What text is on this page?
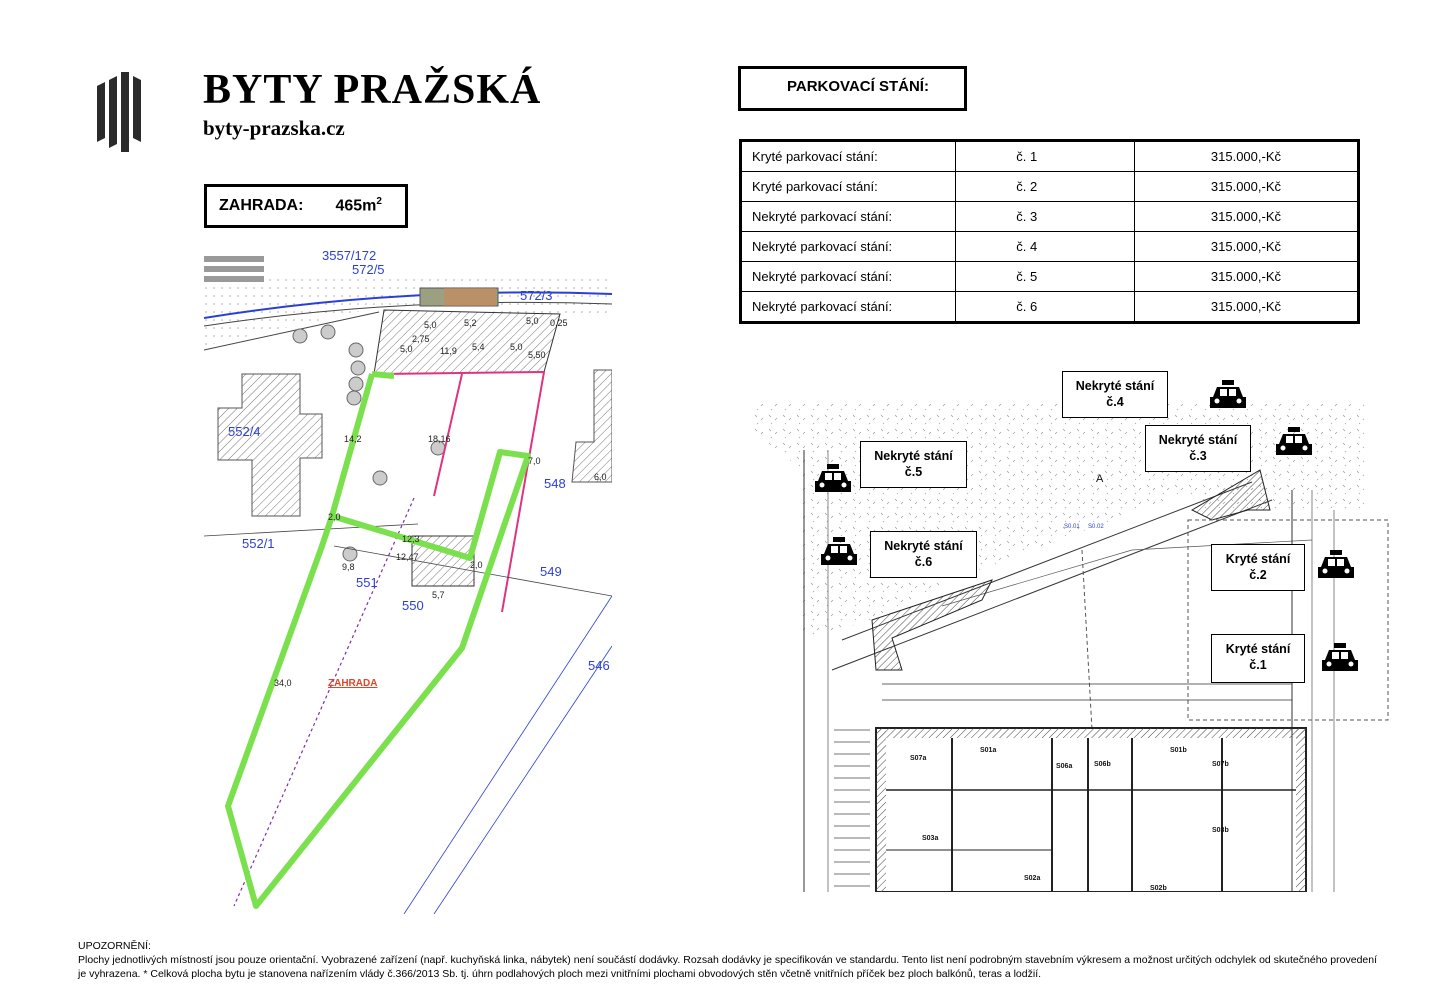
BYTY PRAŽSKÁ
byty-prazska.cz
ZAHRADA: $465m^2$
PARKOVACÍ STÁNÍ:
Kryté parkovací stání:	č. 1	315.000,-Kč
Kryté parkovací stání:	č. 2	315.000,-Kč
Nekryté parkovací stání:	č. 3	315.000,-Kč
Nekryté parkovací stání:	č. 4	315.000,-Kč
Nekryté parkovací stání:	č. 5	315.000,-Kč
Nekryté parkovací stání:	č. 6	315.000,-Kč
3557/172
572/5
572/3
552/4
552/1
548
549
551
550
546
5,0	5,2	5,0 0,25
2,75
5,0	11,9 5,4	5,0
5,50
18,16
14,2
7,0
6,0
2,0
12,3
12,47
9,8
5,7
2,0
34,0	ZAHRADA
S07a
S01a
S06a	S06b
S01b
S07b
S03a
S03b
S02a
S02b
A
S0.01 S0.02
Nekryté stání
č.4
Nekryté stání
č.3
Nekryté stání
č.5
Nekryté stání
č.6	Kryté stání
č.2
Kryté stání
č.1
UPOZORNĚNÍ:
Plochy jednotlivých místností jsou pouze orientační. Vyobrazené zařízení (např. kuchyňská linka, nábytek) není součástí dodávky. Rozsah dodávky je specifikován ve standardu. Tento list není podrobným stavebním výkresem a možnost určitých odchylek od skutečného provedení je vyhrazena. * Celková plocha bytu je stanovena nařízením vlády č.366/2013 Sb. tj. úhrn podlahových ploch mezi vnitřními plochami obvodových stěn včetně vnitřních příček bez ploch balkónů, teras a lodžií.
